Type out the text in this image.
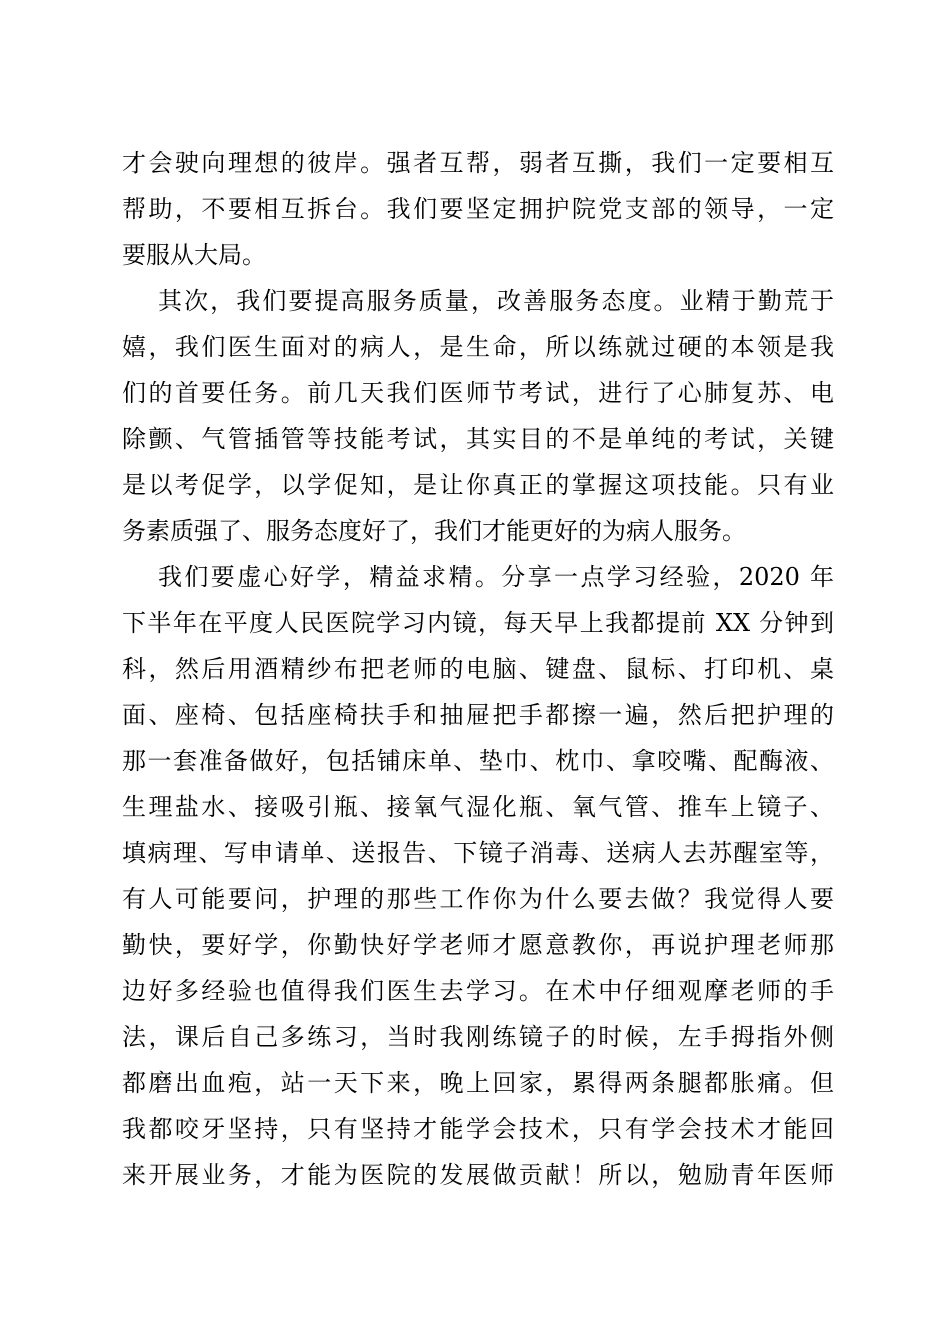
才会驶向理想的彼岸。强者互帮，弱者互撕，我们一定要相互
帮助，不要相互拆台。我们要坚定拥护院党支部的领导，一定
要服从大局。
其次，我们要提高服务质量，改善服务态度。业精于勤荒于
嬉，我们医生面对的病人，是生命，所以练就过硬的本领是我
们的首要任务。前几天我们医师节考试，进行了心肺复苏、电
除颤、气管插管等技能考试，其实目的不是单纯的考试，关键
是以考促学，以学促知，是让你真正的掌握这项技能。只有业
务素质强了、服务态度好了，我们才能更好的为病人服务。
我们要虚心好学，精益求精。分享一点学习经验，2020 年
下半年在平度人民医院学习内镜，每天早上我都提前 XX 分钟到
科，然后用酒精纱布把老师的电脑、键盘、鼠标、打印机、桌
面、座椅、包括座椅扶手和抽屉把手都擦一遍，然后把护理的
那一套准备做好，包括铺床单、垫巾、枕巾、拿咬嘴、配酶液、
生理盐水、接吸引瓶、接氧气湿化瓶、氧气管、推车上镜子、
填病理、写申请单、送报告、下镜子消毒、送病人去苏醒室等，
有人可能要问，护理的那些工作你为什么要去做？我觉得人要
勤快，要好学，你勤快好学老师才愿意教你，再说护理老师那
边好多经验也值得我们医生去学习。在术中仔细观摩老师的手
法，课后自己多练习，当时我刚练镜子的时候，左手拇指外侧
都磨出血疱，站一天下来，晚上回家，累得两条腿都胀痛。但
我都咬牙坚持，只有坚持才能学会技术，只有学会技术才能回
来开展业务，才能为医院的发展做贡献！所以，勉励青年医师
